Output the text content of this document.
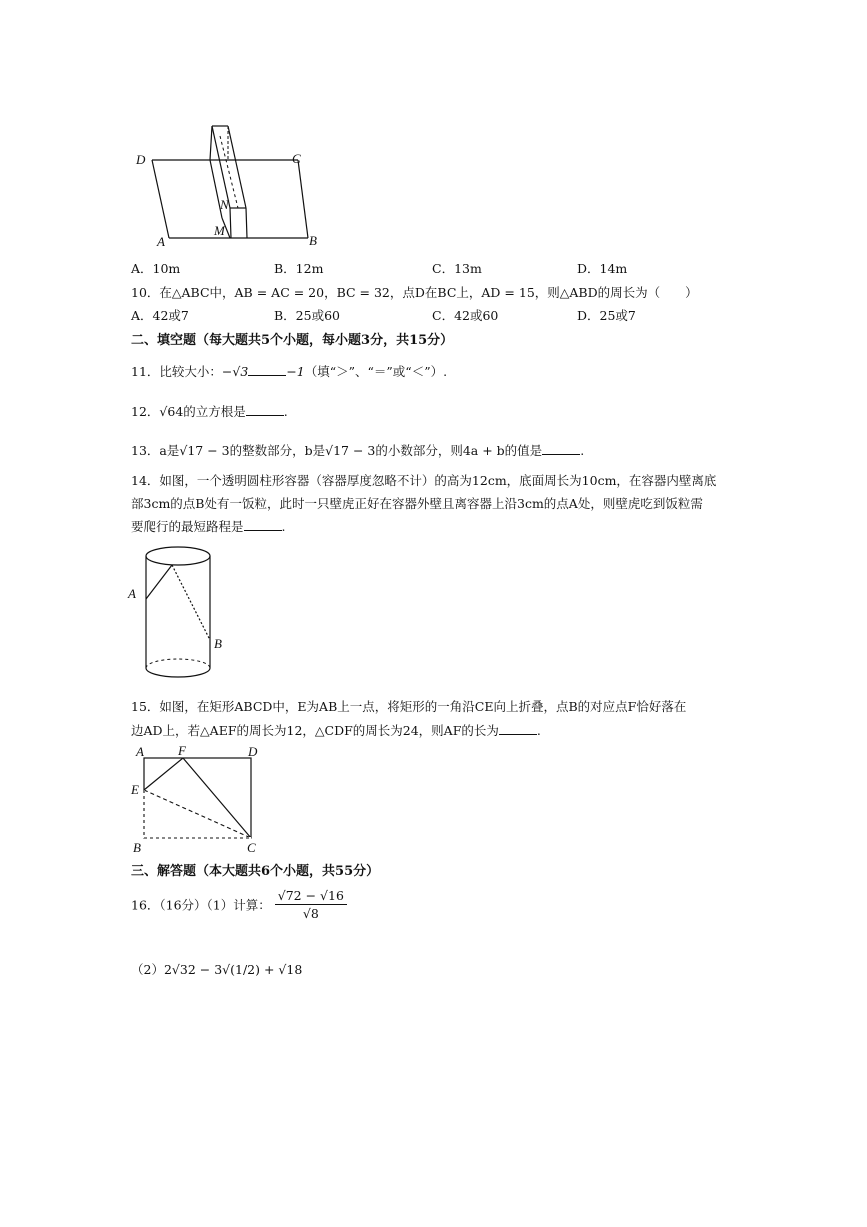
D	C
A	B
M
N
A．10m	B．12m	C．13m	D．14m
10．在△ABC中，AB = AC = 20，BC = 32，点D在BC上，AD = 15，则△ABD的周长为（　　）
A．42或7	B．25或60	C．42或60	D．25或7
二、填空题（每大题共5个小题，每小题3分，共15分）
11．比较大小：−√3	−1（填“＞”、“＝”或“＜”）.
12．√64的立方根是	.
13．a是√17 − 3的整数部分，b是√17 − 3的小数部分，则4a + b的值是	.
14．如图，一个透明圆柱形容器（容器厚度忽略不计）的高为12cm，底面周长为10cm，在容器内壁离底
部3cm的点B处有一饭粒，此时一只壁虎正好在容器外壁且离容器上沿3cm的点A处，则壁虎吃到饭粒需
要爬行的最短路程是	.
A
B
15．如图，在矩形ABCD中，E为AB上一点，将矩形的一角沿CE向上折叠，点B的对应点F恰好落在
边AD上，若△AEF的周长为12，△CDF的周长为24，则AF的长为	.
A	F	D
E
B	C
三、解答题（本大题共6个小题，共55分）
16．（16分）（1）计算： $\frac{√72 - √16}{√8}$
（2）2√32 − 3√(1/2) + √18
